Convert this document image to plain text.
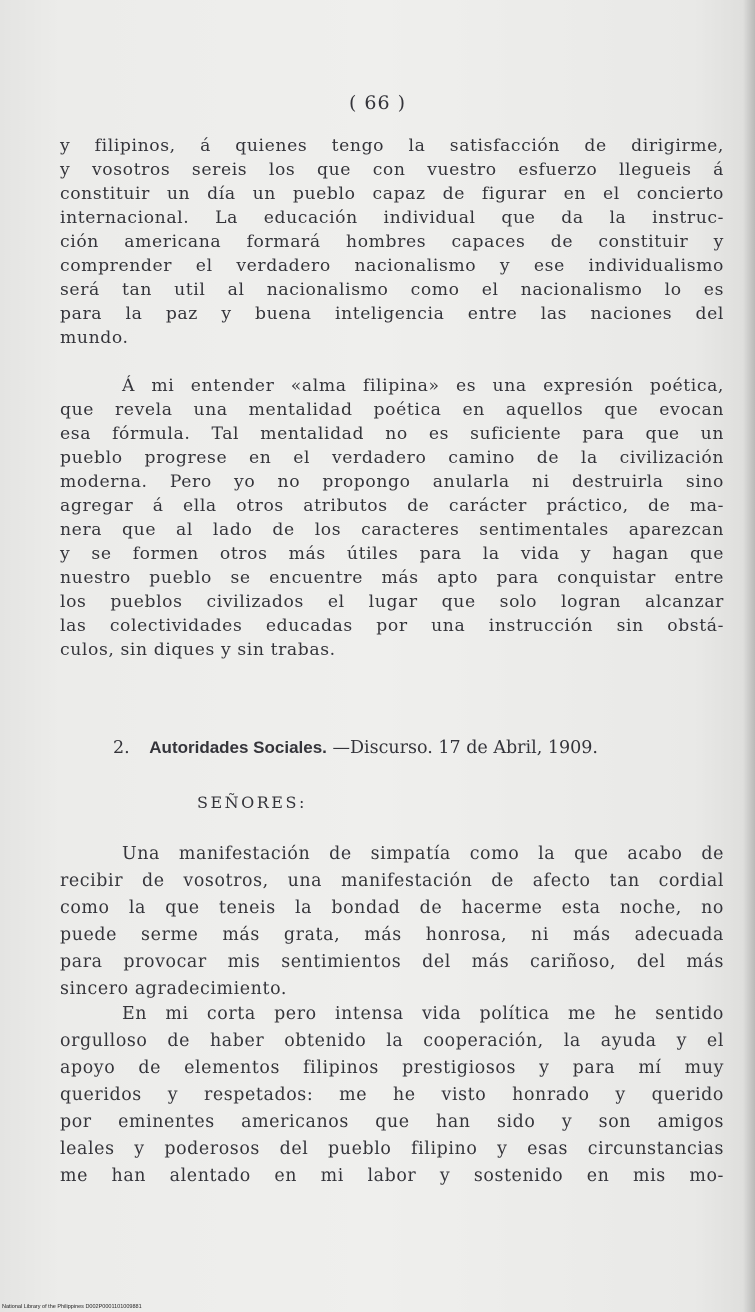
( 66 )
y filipinos, á quienes tengo la satisfacción de dirigirme,
y vosotros sereis los que con vuestro esfuerzo llegueis á
constituir un día un pueblo capaz de figurar en el concierto
internacional. La educación individual que da la instruc-
ción americana formará hombres capaces de constituir y
comprender el verdadero nacionalismo y ese individualismo
será tan util al nacionalismo como el nacionalismo lo es
para la paz y buena inteligencia entre las naciones del
mundo.
Á mi entender «alma filipina» es una expresión poética,
que revela una mentalidad poética en aquellos que evocan
esa fórmula. Tal mentalidad no es suficiente para que un
pueblo progrese en el verdadero camino de la civilización
moderna. Pero yo no propongo anularla ni destruirla sino
agregar á ella otros atributos de carácter práctico, de ma-
nera que al lado de los caracteres sentimentales aparezcan
y se formen otros más útiles para la vida y hagan que
nuestro pueblo se encuentre más apto para conquistar entre
los pueblos civilizados el lugar que solo logran alcanzar
las colectividades educadas por una instrucción sin obstá-
culos, sin diques y sin trabas.
2. Autoridades Sociales. —Discurso. 17 de Abril, 1909.
SEÑORES:
Una manifestación de simpatía como la que acabo de
recibir de vosotros, una manifestación de afecto tan cordial
como la que teneis la bondad de hacerme esta noche, no
puede serme más grata, más honrosa, ni más adecuada
para provocar mis sentimientos del más cariñoso, del más
sincero agradecimiento.
En mi corta pero intensa vida política me he sentido
orgulloso de haber obtenido la cooperación, la ayuda y el
apoyo de elementos filipinos prestigiosos y para mí muy
queridos y respetados: me he visto honrado y querido
por eminentes americanos que han sido y son amigos
leales y poderosos del pueblo filipino y esas circunstancias
me han alentado en mi labor y sostenido en mis mo-
National Library of the Philippines D002P0001101009881
